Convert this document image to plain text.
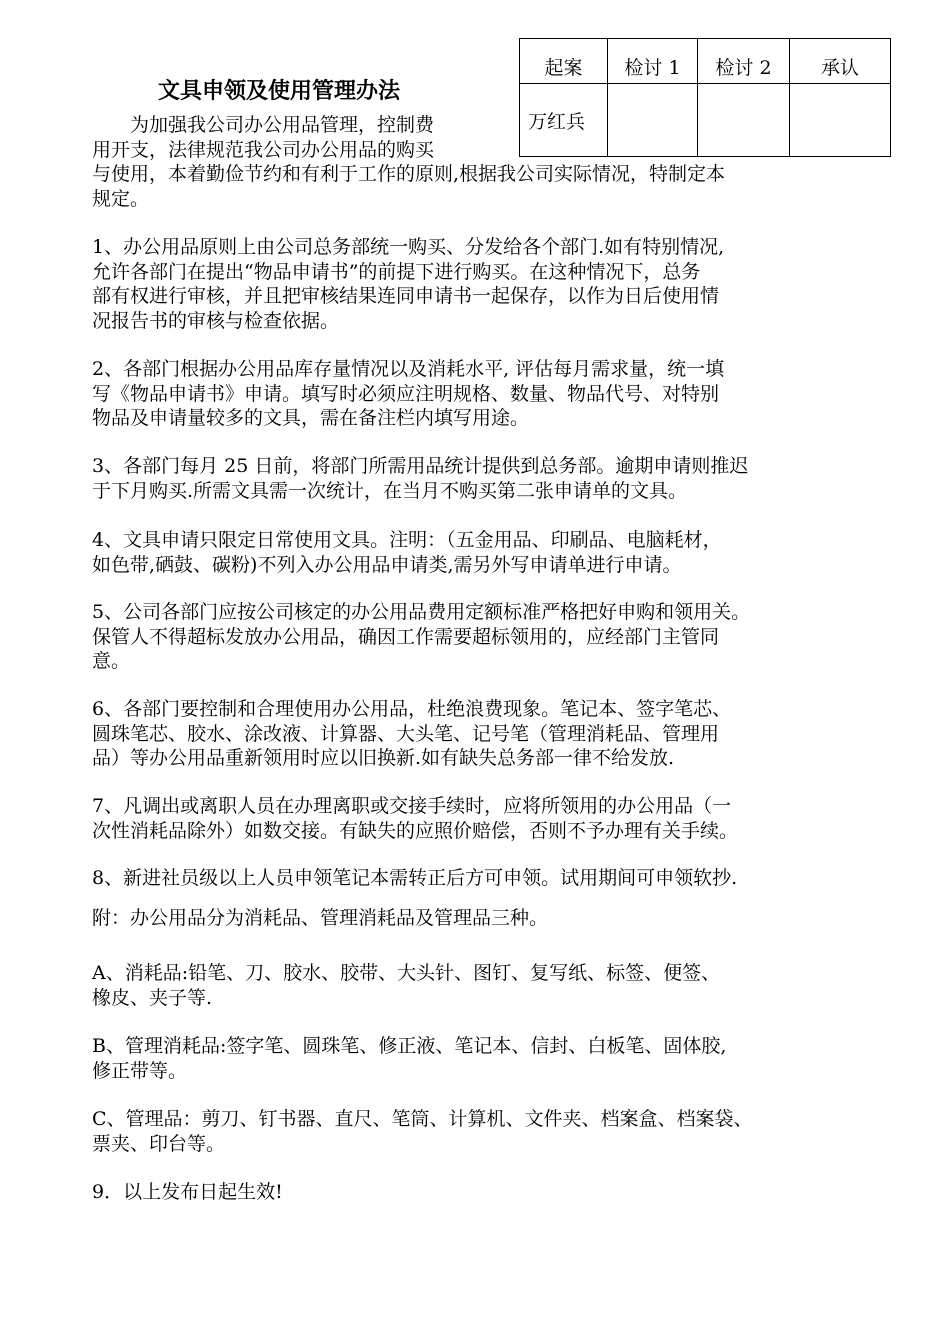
起案	检讨 1	检讨 2	承认
万红兵			
文具申领及使用管理办法

　　为加强我公司办公用品管理，控制费
用开支，法律规范我公司办公用品的购买
与使用，本着勤俭节约和有利于工作的原则,根据我公司实际情况，特制定本
规定。

1、办公用品原则上由公司总务部统一购买、分发给各个部门.如有特别情况,
允许各部门在提出“物品申请书”的前提下进行购买。在这种情况下，总务
部有权进行审核，并且把审核结果连同申请书一起保存，以作为日后使用情
况报告书的审核与检查依据。

2、各部门根据办公用品库存量情况以及消耗水平, 评估每月需求量，统一填
写《物品申请书》申请。填写时必须应注明规格、数量、物品代号、对特别
物品及申请量较多的文具，需在备注栏内填写用途。

3、各部门每月 25 日前，将部门所需用品统计提供到总务部。逾期申请则推迟
于下月购买.所需文具需一次统计，在当月不购买第二张申请单的文具。

4、文具申请只限定日常使用文具。注明：（五金用品、印刷品、电脑耗材，
如色带,硒鼓、碳粉)不列入办公用品申请类,需另外写申请单进行申请。

5、公司各部门应按公司核定的办公用品费用定额标准严格把好申购和领用关。
保管人不得超标发放办公用品，确因工作需要超标领用的，应经部门主管同
意。

6、各部门要控制和合理使用办公用品，杜绝浪费现象。笔记本、签字笔芯、
圆珠笔芯、胶水、涂改液、计算器、大头笔、记号笔（管理消耗品、管理用
品）等办公用品重新领用时应以旧换新.如有缺失总务部一律不给发放.

7、凡调出或离职人员在办理离职或交接手续时，应将所领用的办公用品（一
次性消耗品除外）如数交接。有缺失的应照价赔偿，否则不予办理有关手续。

8、新进社员级以上人员申领笔记本需转正后方可申领。试用期间可申领软抄.

附：办公用品分为消耗品、管理消耗品及管理品三种。

A、消耗品:铅笔、刀、胶水、胶带、大头针、图钉、复写纸、标签、便签、
橡皮、夹子等.

B、管理消耗品:签字笔、圆珠笔、修正液、笔记本、信封、白板笔、固体胶,
修正带等。

C、管理品：剪刀、钉书器、直尺、笔筒、计算机、文件夹、档案盒、档案袋、
票夹、印台等。

9．以上发布日起生效!
